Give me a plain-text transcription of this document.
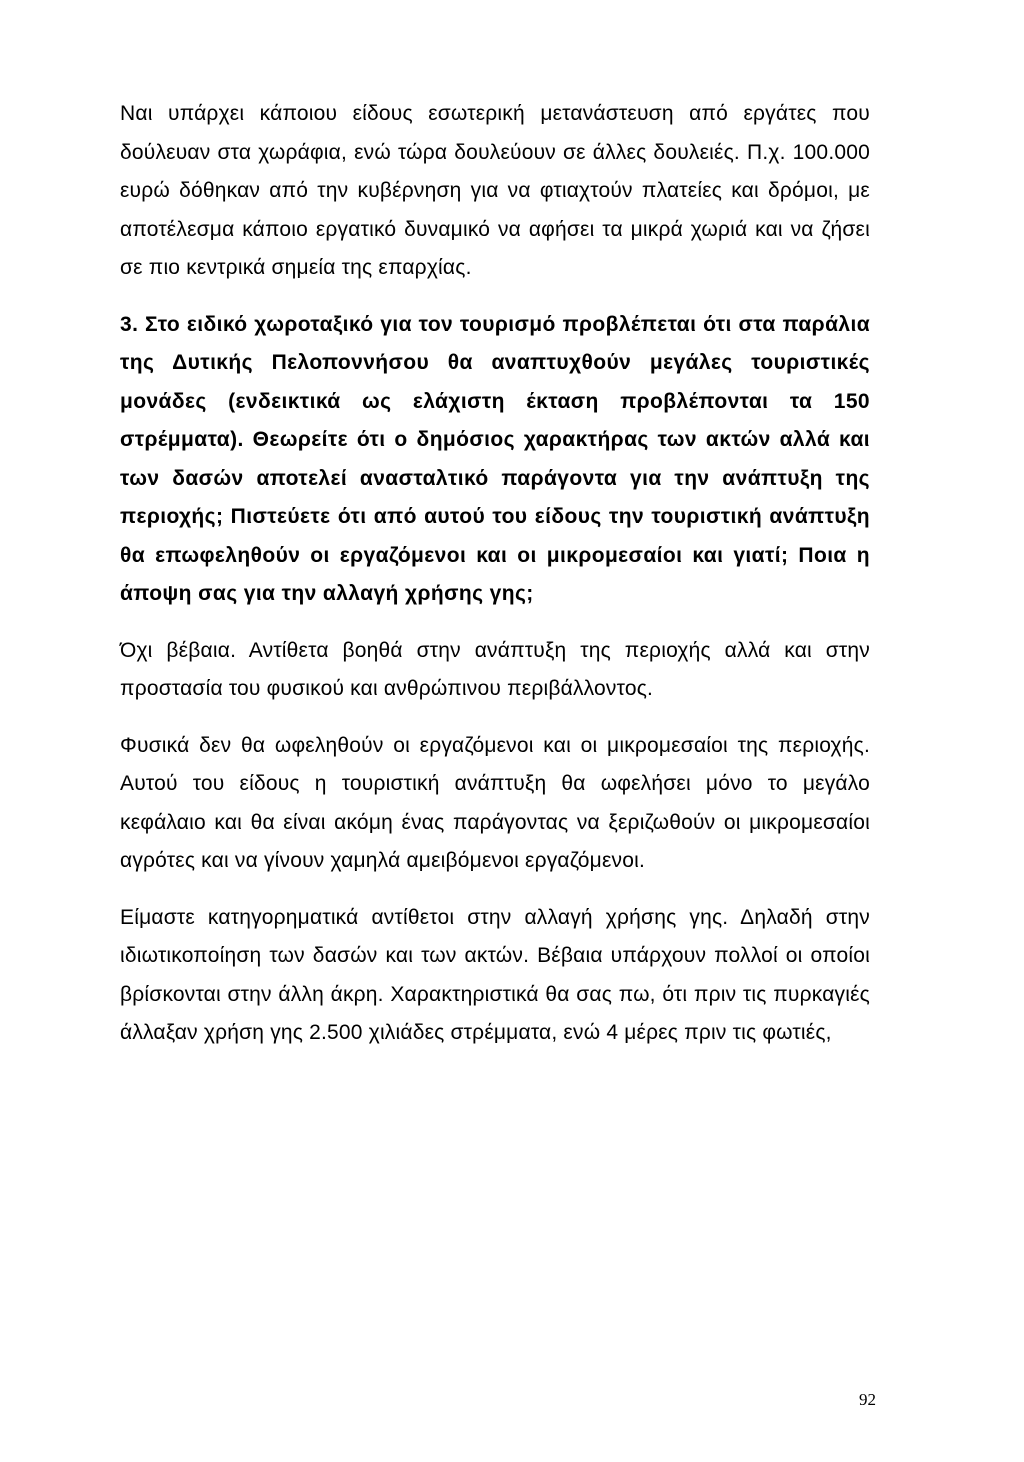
Ναι υπάρχει κάποιου είδους εσωτερική μετανάστευση από εργάτες που δούλευαν στα χωράφια, ενώ τώρα δουλεύουν σε άλλες δουλειές. Π.χ. 100.000 ευρώ δόθηκαν από την κυβέρνηση για να φτιαχτούν πλατείες και δρόμοι, με αποτέλεσμα κάποιο εργατικό δυναμικό να αφήσει τα μικρά χωριά και να ζήσει σε πιο κεντρικά σημεία της επαρχίας.

3. Στο ειδικό χωροταξικό για τον τουρισμό προβλέπεται ότι στα παράλια της Δυτικής Πελοποννήσου θα αναπτυχθούν μεγάλες τουριστικές μονάδες (ενδεικτικά ως ελάχιστη έκταση προβλέπονται τα 150 στρέμματα). Θεωρείτε ότι ο δημόσιος χαρακτήρας των ακτών αλλά και των δασών αποτελεί ανασταλτικό παράγοντα για την ανάπτυξη της περιοχής; Πιστεύετε ότι από αυτού του είδους την τουριστική ανάπτυξη θα επωφεληθούν οι εργαζόμενοι και οι μικρομεσαίοι και γιατί; Ποια η άποψη σας για την αλλαγή χρήσης γης;

Όχι βέβαια. Αντίθετα βοηθά στην ανάπτυξη της περιοχής αλλά και στην προστασία του φυσικού και ανθρώπινου περιβάλλοντος.

Φυσικά δεν θα ωφεληθούν οι εργαζόμενοι και οι μικρομεσαίοι της περιοχής. Αυτού του είδους η τουριστική ανάπτυξη θα ωφελήσει μόνο το μεγάλο κεφάλαιο και θα είναι ακόμη ένας παράγοντας να ξεριζωθούν οι μικρομεσαίοι αγρότες και να γίνουν χαμηλά αμειβόμενοι εργαζόμενοι.

Είμαστε κατηγορηματικά αντίθετοι στην αλλαγή χρήσης γης. Δηλαδή στην ιδιωτικοποίηση των δασών και των ακτών. Βέβαια υπάρχουν πολλοί οι οποίοι βρίσκονται στην άλλη άκρη. Χαρακτηριστικά θα σας πω, ότι πριν τις πυρκαγιές άλλαξαν χρήση γης 2.500 χιλιάδες στρέμματα, ενώ 4 μέρες πριν τις φωτιές,

92
